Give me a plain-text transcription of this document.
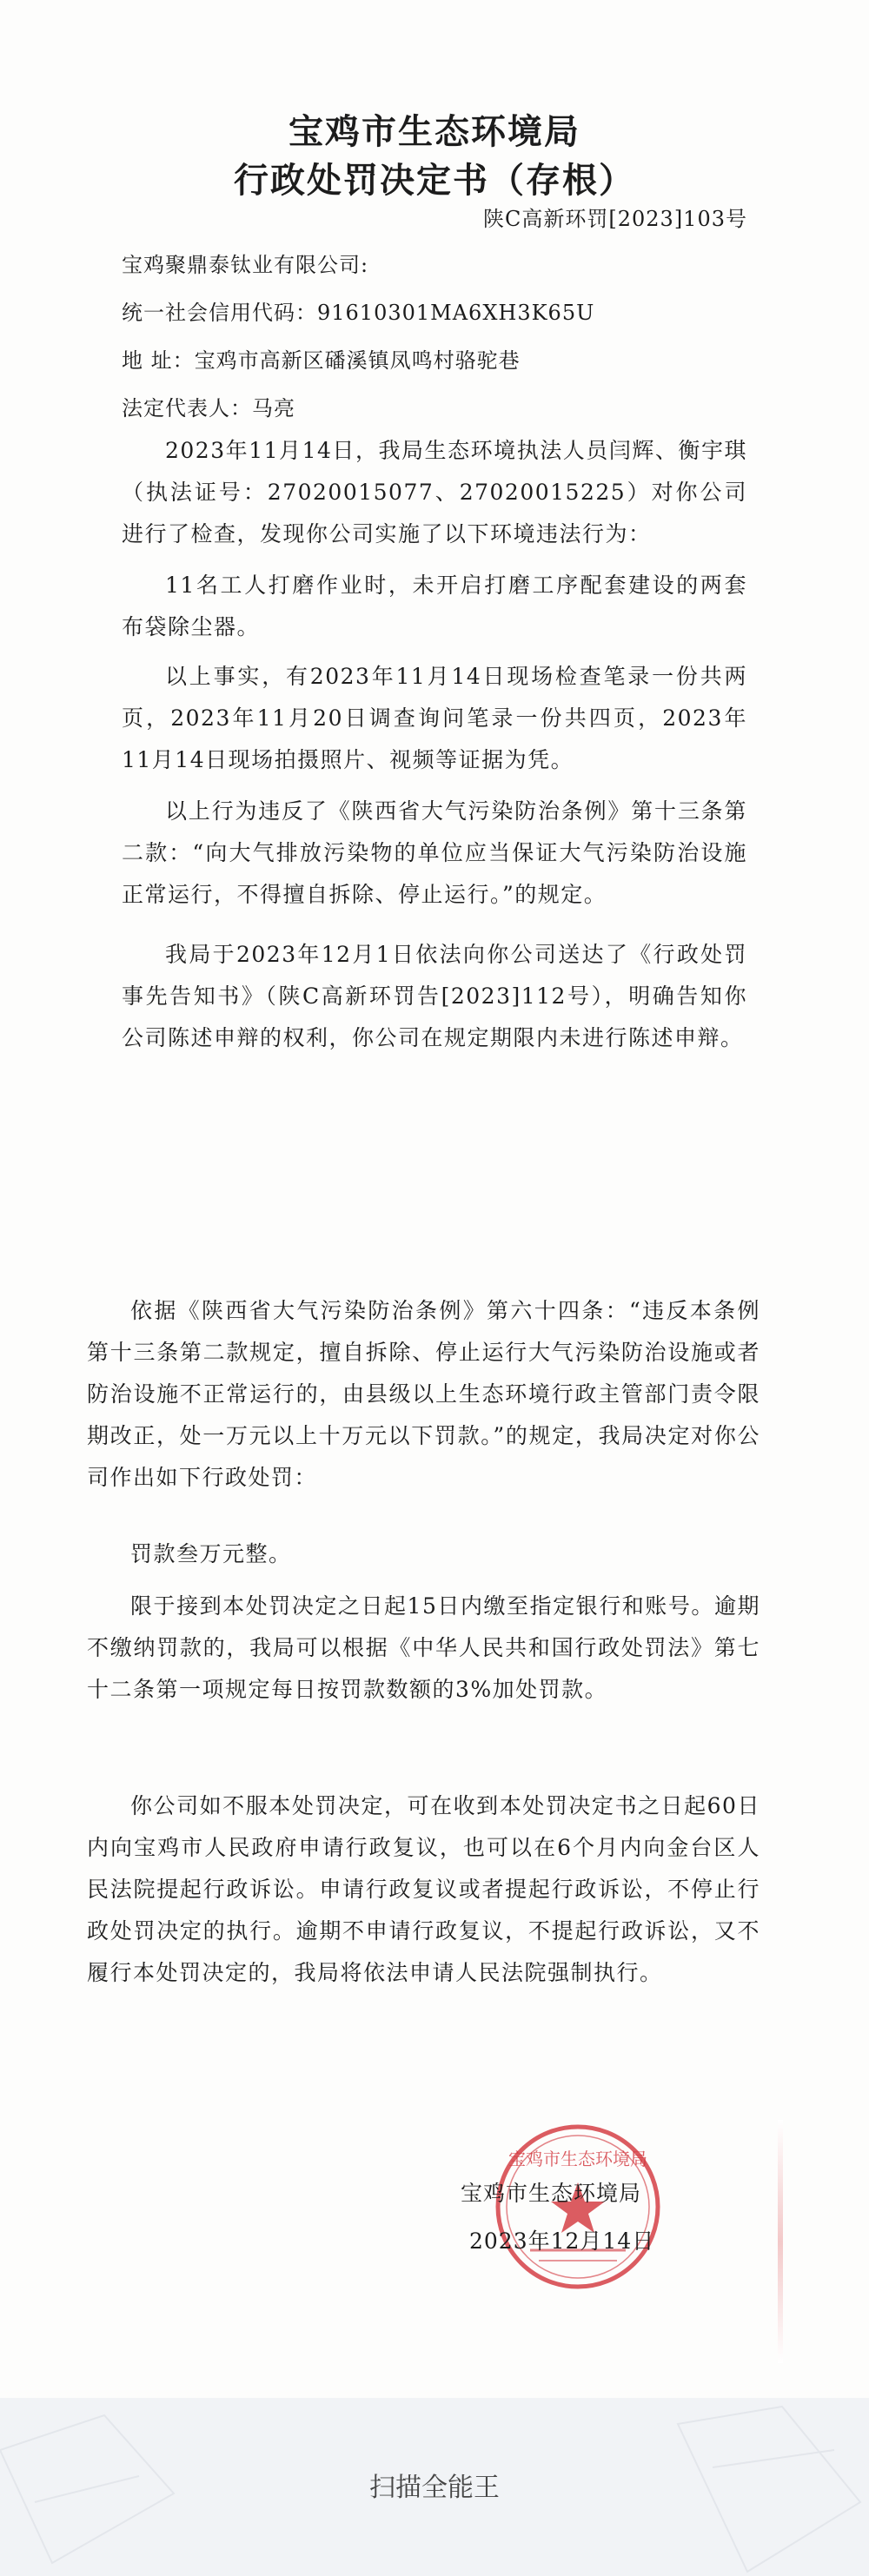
宝鸡市生态环境局
行政处罚决定书（存根）
陕C高新环罚[2023]103号
宝鸡聚鼎泰钛业有限公司:
统一社会信用代码：91610301MA6XH3K65U
地 址：宝鸡市高新区磻溪镇凤鸣村骆驼巷
法定代表人：马亮
2023年11月14日，我局生态环境执法人员闫辉、衡宇琪（执法证号：27020015077、27020015225）对你公司进行了检查，发现你公司实施了以下环境违法行为：
11名工人打磨作业时，未开启打磨工序配套建设的两套布袋除尘器。
以上事实，有2023年11月14日现场检查笔录一份共两页，2023年11月20日调查询问笔录一份共四页，2023年11月14日现场拍摄照片、视频等证据为凭。
以上行为违反了《陕西省大气污染防治条例》第十三条第二款：“向大气排放污染物的单位应当保证大气污染防治设施正常运行，不得擅自拆除、停止运行。”的规定。
我局于2023年12月1日依法向你公司送达了《行政处罚事先告知书》（陕C高新环罚告[2023]112号），明确告知你公司陈述申辩的权利，你公司在规定期限内未进行陈述申辩。
依据《陕西省大气污染防治条例》第六十四条：“违反本条例第十三条第二款规定，擅自拆除、停止运行大气污染防治设施或者防治设施不正常运行的，由县级以上生态环境行政主管部门责令限期改正，处一万元以上十万元以下罚款。”的规定，我局决定对你公司作出如下行政处罚：
罚款叁万元整。
限于接到本处罚决定之日起15日内缴至指定银行和账号。逾期不缴纳罚款的，我局可以根据《中华人民共和国行政处罚法》第七十二条第一项规定每日按罚款数额的3%加处罚款。
你公司如不服本处罚决定，可在收到本处罚决定书之日起60日内向宝鸡市人民政府申请行政复议，也可以在6个月内向金台区人民法院提起行政诉讼。申请行政复议或者提起行政诉讼，不停止行政处罚决定的执行。逾期不申请行政复议，不提起行政诉讼，又不履行本处罚决定的，我局将依法申请人民法院强制执行。
宝鸡市生态环境局
宝鸡市生态环境局
2023年12月14日
扫描全能王
